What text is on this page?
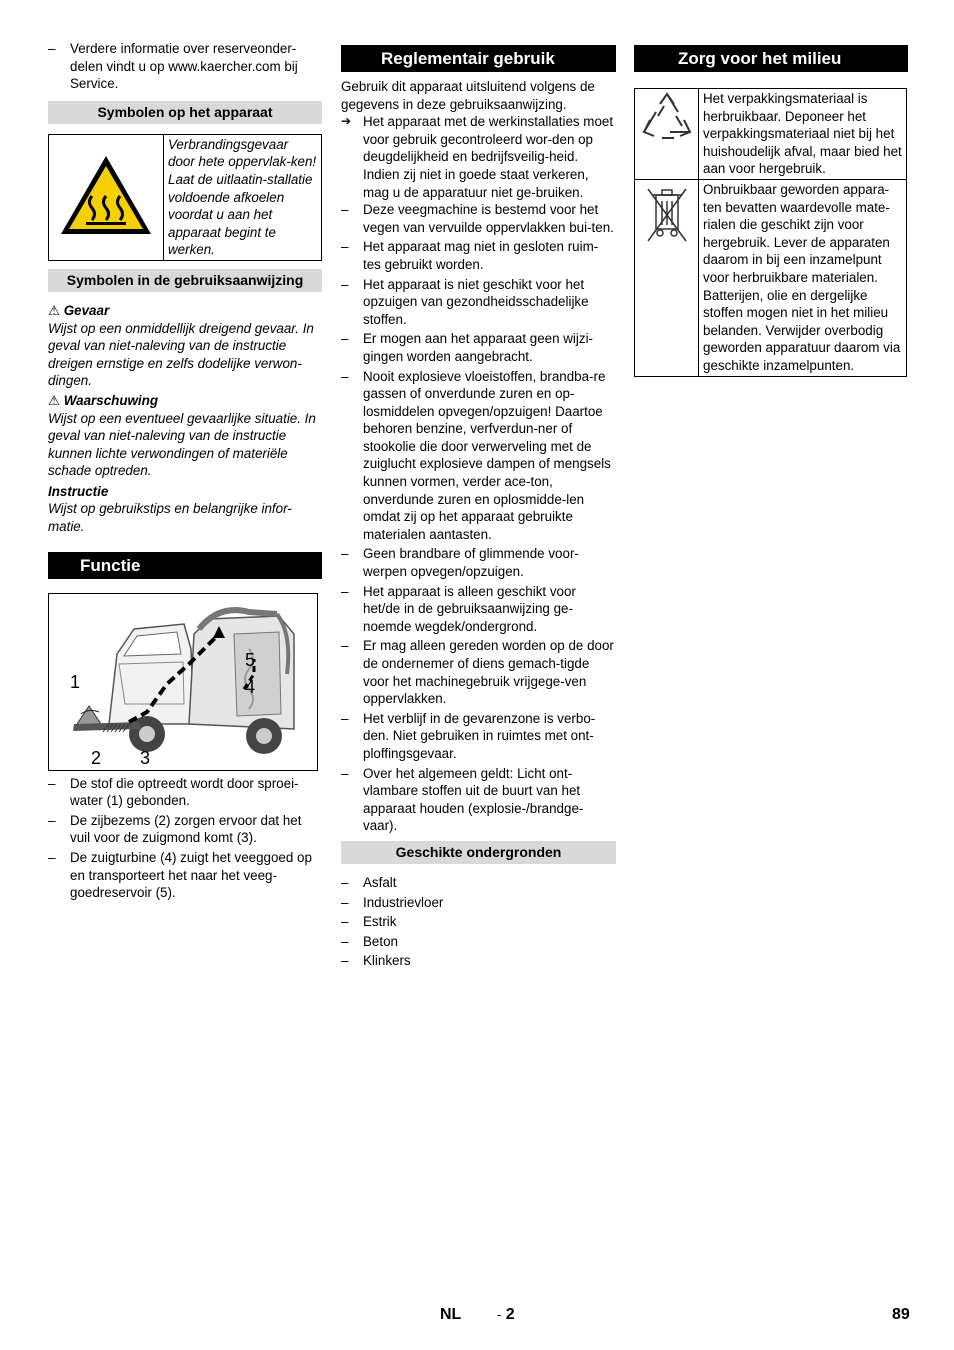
– Verdere informatie over reserveonder-delen vindt u op www.kaercher.com bij Service.
Symbolen op het apparaat
	Verbrandingsgevaar door hete oppervlak-ken! Laat de uitlaatin-stallatie voldoende afkoelen voordat u aan het apparaat begint te werken.
Symbolen in de gebruiksaanwijzing

⚠ Gevaar

Wijst op een onmiddellijk dreigend gevaar. In geval van niet-naleving van de instructie dreigen ernstige en zelfs dodelijke verwon-dingen.

⚠ Waarschuwing

Wijst op een eventueel gevaarlijke situatie. In geval van niet-naleving van de instructie kunnen lichte verwondingen of materiële schade optreden.

Instructie

Wijst op gebruikstips en belangrijke infor-matie.

Functie
1
2 3
4
5
– De stof die optreedt wordt door sproei-water (1) gebonden.
– De zijbezems (2) zorgen ervoor dat het vuil voor de zuigmond komt (3).
– De zuigturbine (4) zuigt het veeggoed op en transporteert het naar het veeg-goedreservoir (5).
Reglementair gebruik

Gebruik dit apparaat uitsluitend volgens de gegevens in deze gebruiksaanwijzing.

➔ Het apparaat met de werkinstallaties moet voor gebruik gecontroleerd wor-den op deugdelijkheid en bedrijfsveilig-heid. Indien zij niet in goede staat verkeren, mag u de apparatuur niet ge-bruiken.
– Deze veegmachine is bestemd voor het vegen van vervuilde oppervlakken bui-ten.
– Het apparaat mag niet in gesloten ruim-tes gebruikt worden.
– Het apparaat is niet geschikt voor het opzuigen van gezondheidsschadelijke stoffen.
– Er mogen aan het apparaat geen wijzi-gingen worden aangebracht.
– Nooit explosieve vloeistoffen, brandba-re gassen of onverdunde zuren en op-losmiddelen opvegen/opzuigen! Daartoe behoren benzine, verfverdun-ner of stookolie die door verwerveling met de zuiglucht explosieve dampen of mengsels kunnen vormen, verder ace-ton, onverdunde zuren en oplosmidde-len omdat zij op het apparaat gebruikte materialen aantasten.
– Geen brandbare of glimmende voor-werpen opvegen/opzuigen.
– Het apparaat is alleen geschikt voor het/de in de gebruiksaanwijzing ge-noemde wegdek/ondergrond.
– Er mag alleen gereden worden op de door de ondernemer of diens gemach-tigde voor het machinegebruik vrijgege-ven oppervlakken.
– Het verblijf in de gevarenzone is verbo-den. Niet gebruiken in ruimtes met ont-ploffingsgevaar.
– Over het algemeen geldt: Licht ont-vlambare stoffen uit de buurt van het apparaat houden (explosie-/brandge-vaar).
Geschikte ondergronden
– Asfalt
– Industrievloer
– Estrik
– Beton
– Klinkers
Zorg voor het milieu
	Het verpakkingsmateriaal is herbruikbaar. Deponeer het verpakkingsmateriaal niet bij het huishoudelijk afval, maar bied het aan voor hergebruik.
	Onbruikbaar geworden appara-ten bevatten waardevolle mate-rialen die geschikt zijn voor hergebruik. Lever de apparaten daarom in bij een inzamelpunt voor herbruikbare materialen. Batterijen, olie en dergelijke stoffen mogen niet in het milieu belanden. Verwijder overbodig geworden apparatuur daarom via geschikte inzamelpunten.
NL	- 2	89
